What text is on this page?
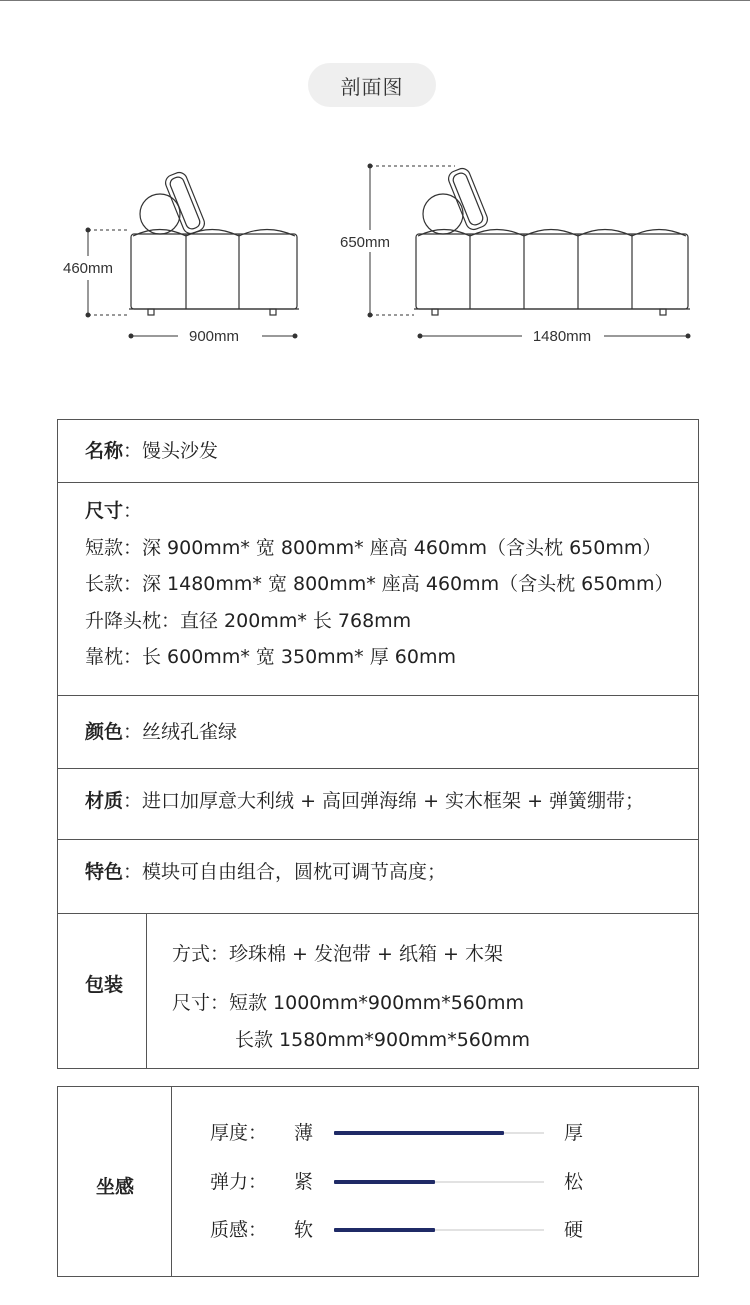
剖面图
460mm
650mm
900mm	1480mm
名称：馒头沙发
尺寸：
短款：深 900mm* 宽 800mm* 座高 460mm（含头枕 650mm）
长款：深 1480mm* 宽 800mm* 座高 460mm（含头枕 650mm）
升降头枕：直径 200mm* 长 768mm
靠枕：长 600mm* 宽 350mm* 厚 60mm
颜色：丝绒孔雀绿
材质：进口加厚意大利绒 + 高回弹海绵 + 实木框架 + 弹簧绷带；
特色：模块可自由组合，圆枕可调节高度；
包装
方式：珍珠棉 + 发泡带 + 纸箱 + 木架
尺寸：短款 1000mm*900mm*560mm
长款 1580mm*900mm*560mm
坐感
厚度： 薄	厚
弹力： 紧	松
质感： 软	硬
